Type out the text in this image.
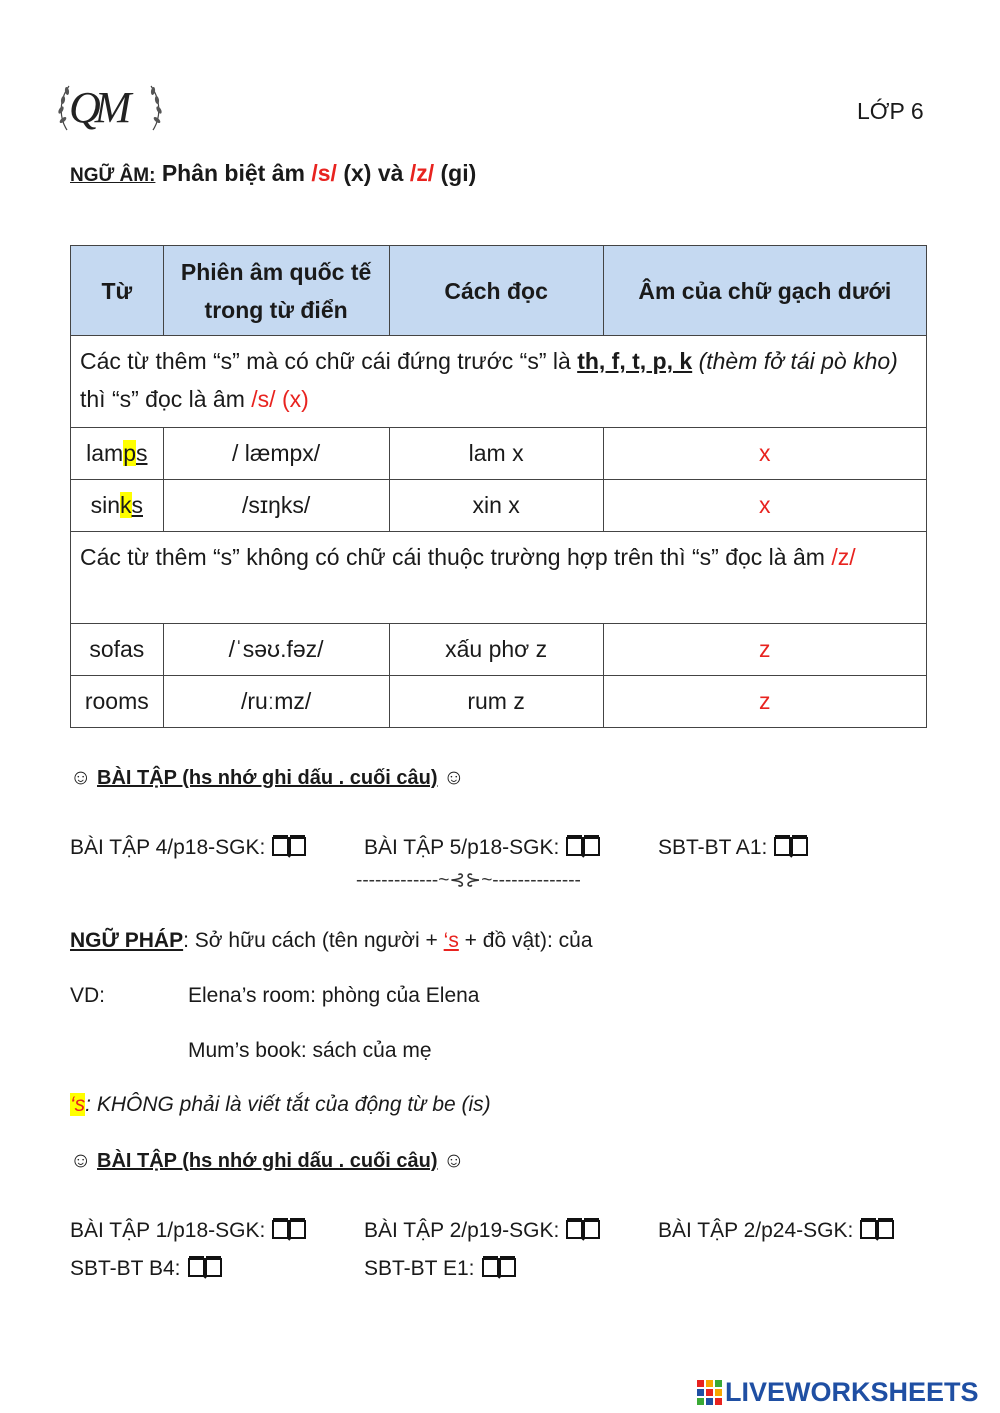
QM	LỚP 6
NGỮ ÂM: Phân biệt âm /s/ (x) và /z/ (gi)
Từ	Phiên âm quốc tế trong từ điển	Cách đọc	Âm của chữ gạch dưới
Các từ thêm “s” mà có chữ cái đứng trước “s” là th, f, t, p, k (thèm fở tái pò kho) thì “s” đọc là âm /s/ (x)			
lamps	/ læmpx/	lam x	x
sinks	/sɪŋks/	xin x	x
Các từ thêm “s” không có chữ cái thuộc trường hợp trên thì “s” đọc là âm /z/			
sofas	/ˈsəʊ.fəz/	xấu phơ z	z
rooms	/ruːmz/	rum z	z
☺ BÀI TẬP (hs nhớ ghi dấu . cuối câu) ☺
BÀI TẬP 4/p18-SGK:	BÀI TẬP 5/p18-SGK:	SBT-BT A1:
-------------~⊰⊱~--------------
NGỮ PHÁP: Sở hữu cách (tên người + ‘s + đồ vật): của
VD:	Elena’s room: phòng của Elena
Mum’s book: sách của mẹ
‘s: KHÔNG phải là viết tắt của động từ be (is)
☺ BÀI TẬP (hs nhớ ghi dấu . cuối câu) ☺
BÀI TẬP 1/p18-SGK:	BÀI TẬP 2/p19-SGK:	BÀI TẬP 2/p24-SGK:
SBT-BT B4:	SBT-BT E1:
LIVEWORKSHEETS
